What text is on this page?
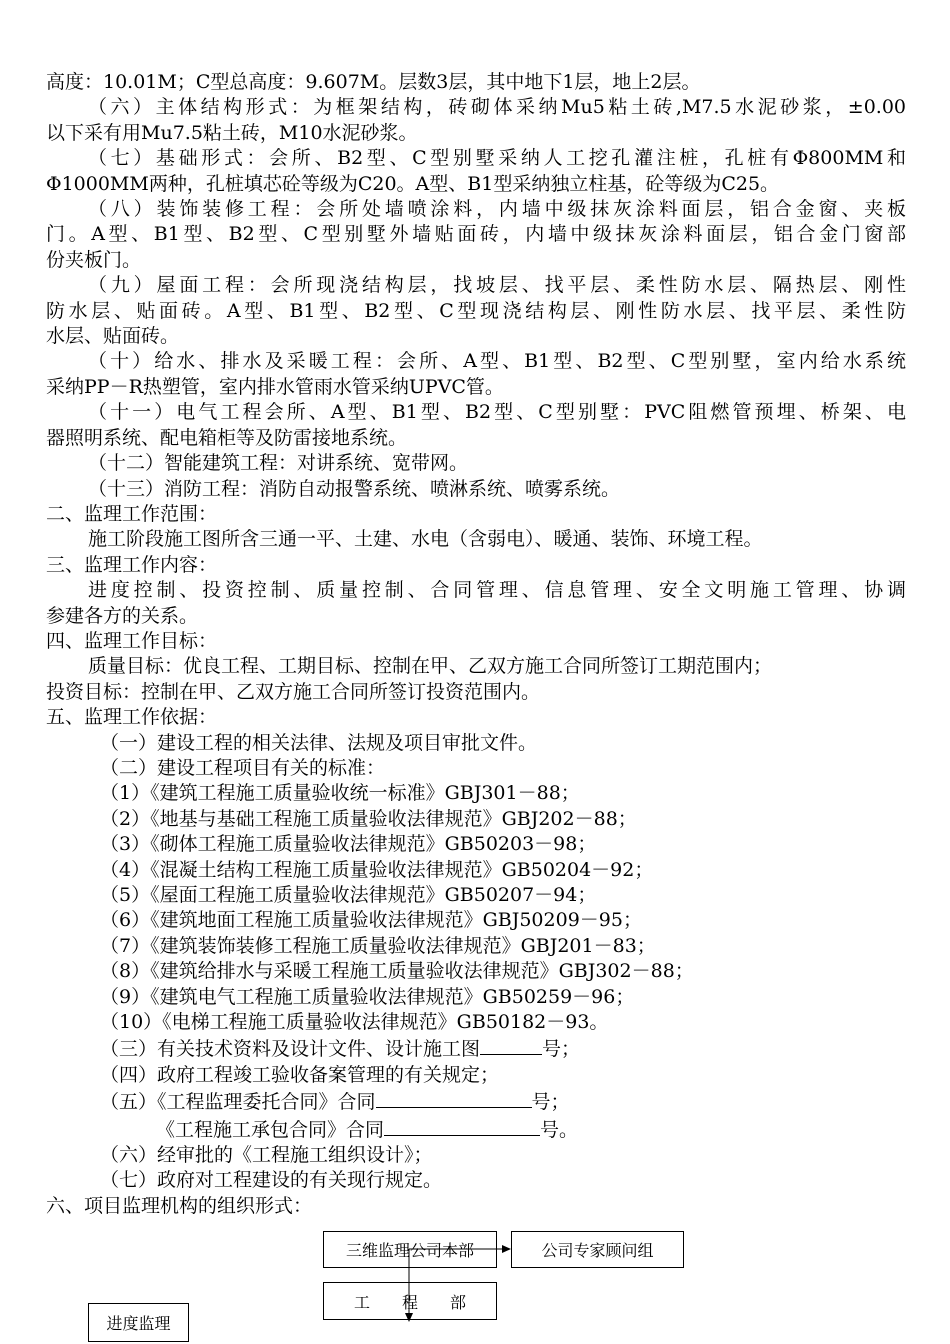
高度：10.01M；C型总高度：9.607M。层数3层，其中地下1层，地上2层。
（六）主体结构形式：为框架结构，砖砌体采纳Mu5粘土砖,M7.5水泥砂浆，±0.00
以下采有用Mu7.5粘土砖，M10水泥砂浆。
（七）基础形式：会所、B2型、C型别墅采纳人工挖孔灌注桩，孔桩有Φ800MM和
Φ1000MM两种，孔桩填芯砼等级为C20。A型、B1型采纳独立柱基，砼等级为C25。
（八）装饰装修工程：会所处墙喷涂料，内墙中级抹灰涂料面层，铝合金窗、夹板
门。A型、B1型、B2型、C型别墅外墙贴面砖，内墙中级抹灰涂料面层，铝合金门窗部
份夹板门。
（九）屋面工程：会所现浇结构层，找坡层、找平层、柔性防水层、隔热层、刚性
防水层、贴面砖。A型、B1型、B2型、C型现浇结构层、刚性防水层、找平层、柔性防
水层、贴面砖。
（十）给水、排水及采暖工程：会所、A型、B1型、B2型、C型别墅，室内给水系统
采纳PP－R热塑管，室内排水管雨水管采纳UPVC管。
（十一）电气工程会所、A型、B1型、B2型、C型别墅：PVC阻燃管预埋、桥架、电
器照明系统、配电箱柜等及防雷接地系统。
（十二）智能建筑工程：对讲系统、宽带网。
（十三）消防工程：消防自动报警系统、喷淋系统、喷雾系统。
二、监理工作范围：
施工阶段施工图所含三通一平、土建、水电（含弱电）、暖通、装饰、环境工程。
三、监理工作内容：
进度控制、投资控制、质量控制、合同管理、信息管理、安全文明施工管理、协调
参建各方的关系。
四、监理工作目标：
质量目标：优良工程、工期目标、控制在甲、乙双方施工合同所签订工期范围内；
投资目标：控制在甲、乙双方施工合同所签订投资范围内。
五、监理工作依据：
（一）建设工程的相关法律、法规及项目审批文件。
（二）建设工程项目有关的标准：
（1）《建筑工程施工质量验收统一标准》GBJ301－88；
（2）《地基与基础工程施工质量验收法律规范》GBJ202－88；
（3）《砌体工程施工质量验收法律规范》GB50203－98；
（4）《混凝土结构工程施工质量验收法律规范》GB50204－92；
（5）《屋面工程施工质量验收法律规范》GB50207－94；
（6）《建筑地面工程施工质量验收法律规范》GBJ50209－95；
（7）《建筑装饰装修工程施工质量验收法律规范》GBJ201－83；
（8）《建筑给排水与采暖工程施工质量验收法律规范》GBJ302－88；
（9）《建筑电气工程施工质量验收法律规范》GB50259－96；
（10）《电梯工程施工质量验收法律规范》GB50182－93。
（三）有关技术资料及设计文件、设计施工图	号；
（四）政府工程竣工验收备案管理的有关规定；
（五）《工程监理委托合同》合同	号；
《工程施工承包合同》合同	号。
（六）经审批的《工程施工组织设计》；
（七）政府对工程建设的有关现行规定。
六、项目监理机构的组织形式：
三维监理公司本部	公司专家顾问组
工　　程　　部
进度监理
